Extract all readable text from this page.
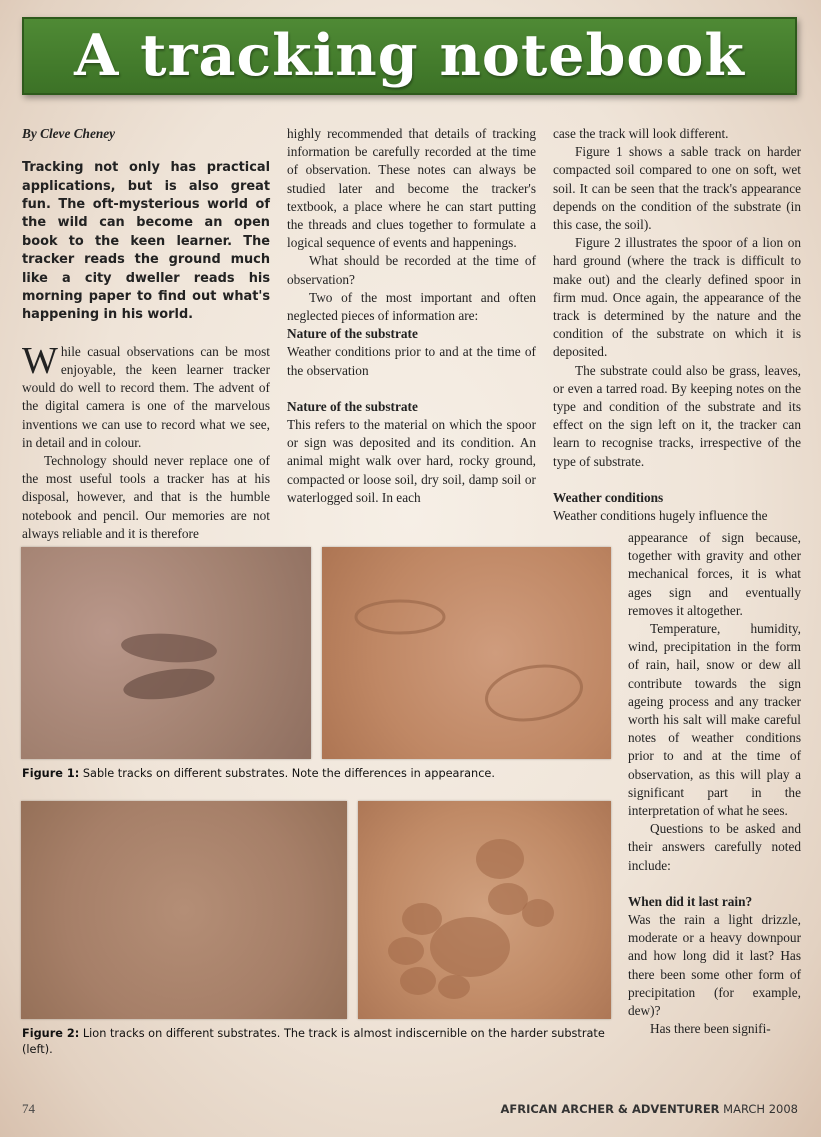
A tracking notebook

By Cleve Cheney

Tracking not only has practical applications, but is also great fun. The oft-mysterious world of the wild can become an open book to the keen learner. The tracker reads the ground much like a city dweller reads his morning paper to find out what's happening in his world.

While casual observations can be most enjoyable, the keen learner tracker would do well to record them. The advent of the digital camera is one of the marvelous inventions we can use to record what we see, in detail and in colour.

Technology should never replace one of the most useful tools a tracker has at his disposal, however, and that is the humble notebook and pencil. Our memories are not always reliable and it is therefore

highly recommended that details of tracking information be carefully recorded at the time of observation. These notes can always be studied later and become the tracker's textbook, a place where he can start putting the threads and clues together to formulate a logical sequence of events and happenings.

What should be recorded at the time of observation?

Two of the most important and often neglected pieces of information are:

Nature of the substrate

Weather conditions prior to and at the time of the observation

Nature of the substrate

This refers to the material on which the spoor or sign was deposited and its condition. An animal might walk over hard, rocky ground, compacted or loose soil, dry soil, damp soil or waterlogged soil. In each

case the track will look different.

Figure 1 shows a sable track on harder compacted soil compared to one on soft, wet soil. It can be seen that the track's appearance depends on the condition of the substrate (in this case, the soil).

Figure 2 illustrates the spoor of a lion on hard ground (where the track is difficult to make out) and the clearly defined spoor in firm mud. Once again, the appearance of the track is determined by the nature and the condition of the substrate on which it is deposited.

The substrate could also be grass, leaves, or even a tarred road. By keeping notes on the type and condition of the substrate and its effect on the sign left on it, the tracker can learn to recognise tracks, irrespective of the type of substrate.

Weather conditions

Weather conditions hugely influence the

appearance of sign because, together with gravity and other mechanical forces, it is what ages sign and eventually removes it altogether.

Temperature, humidity, wind, precipitation in the form of rain, hail, snow or dew all contribute towards the sign ageing process and any tracker worth his salt will make careful notes of weather conditions prior to and at the time of observation, as this will play a significant part in the interpretation of what he sees.

Questions to be asked and their answers carefully noted include:

When did it last rain?

Was the rain a light drizzle, moderate or a heavy downpour and how long did it last? Has there been some other form of precipitation (for example, dew)?

Has there been signifi-

Figure 1: Sable tracks on different substrates. Note the differences in appearance.
Figure 2: Lion tracks on different substrates. The track is almost indiscernible on the harder substrate (left).
74	AFRICAN ARCHER & ADVENTURER MARCH 2008
